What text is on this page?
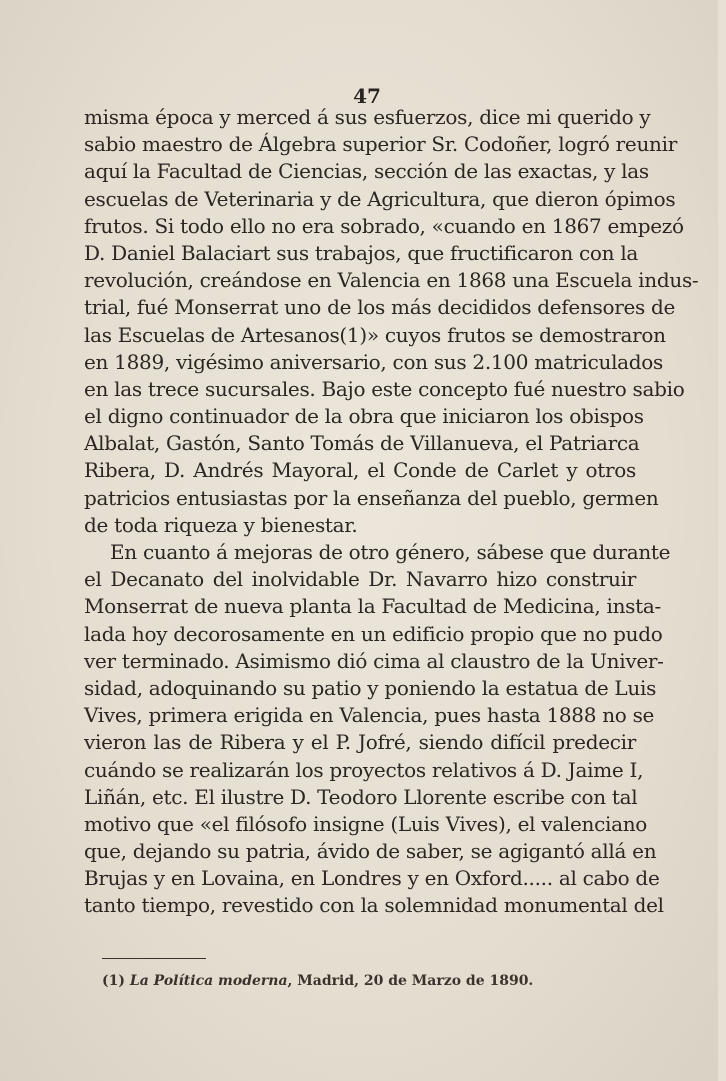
47
misma época y merced á sus esfuerzos, dice mi querido y
sabio maestro de Álgebra superior Sr. Codoñer, logró reunir
aquí la Facultad de Ciencias, sección de las exactas, y las
escuelas de Veterinaria y de Agricultura, que dieron ópimos
frutos. Si todo ello no era sobrado, «cuando en 1867 empezó
D. Daniel Balaciart sus trabajos, que fructificaron con la
revolución, creándose en Valencia en 1868 una Escuela indus-
trial, fué Monserrat uno de los más decididos defensores de
las Escuelas de Artesanos(1)» cuyos frutos se demostraron
en 1889, vigésimo aniversario, con sus 2.100 matriculados
en las trece sucursales. Bajo este concepto fué nuestro sabio
el digno continuador de la obra que iniciaron los obispos
Albalat, Gastón, Santo Tomás de Villanueva, el Patriarca
Ribera, D. Andrés Mayoral, el Conde de Carlet y otros
patricios entusiastas por la enseñanza del pueblo, germen
de toda riqueza y bienestar.
En cuanto á mejoras de otro género, sábese que durante
el Decanato del inolvidable Dr. Navarro hizo construir
Monserrat de nueva planta la Facultad de Medicina, insta-
lada hoy decorosamente en un edificio propio que no pudo
ver terminado. Asimismo dió cima al claustro de la Univer-
sidad, adoquinando su patio y poniendo la estatua de Luis
Vives, primera erigida en Valencia, pues hasta 1888 no se
vieron las de Ribera y el P. Jofré, siendo difícil predecir
cuándo se realizarán los proyectos relativos á D. Jaime I,
Liñán, etc. El ilustre D. Teodoro Llorente escribe con tal
motivo que «el filósofo insigne (Luis Vives), el valenciano
que, dejando su patria, ávido de saber, se agigantó allá en
Brujas y en Lovaina, en Londres y en Oxford..... al cabo de
tanto tiempo, revestido con la solemnidad monumental del
(1) La Política moderna, Madrid, 20 de Marzo de 1890.
